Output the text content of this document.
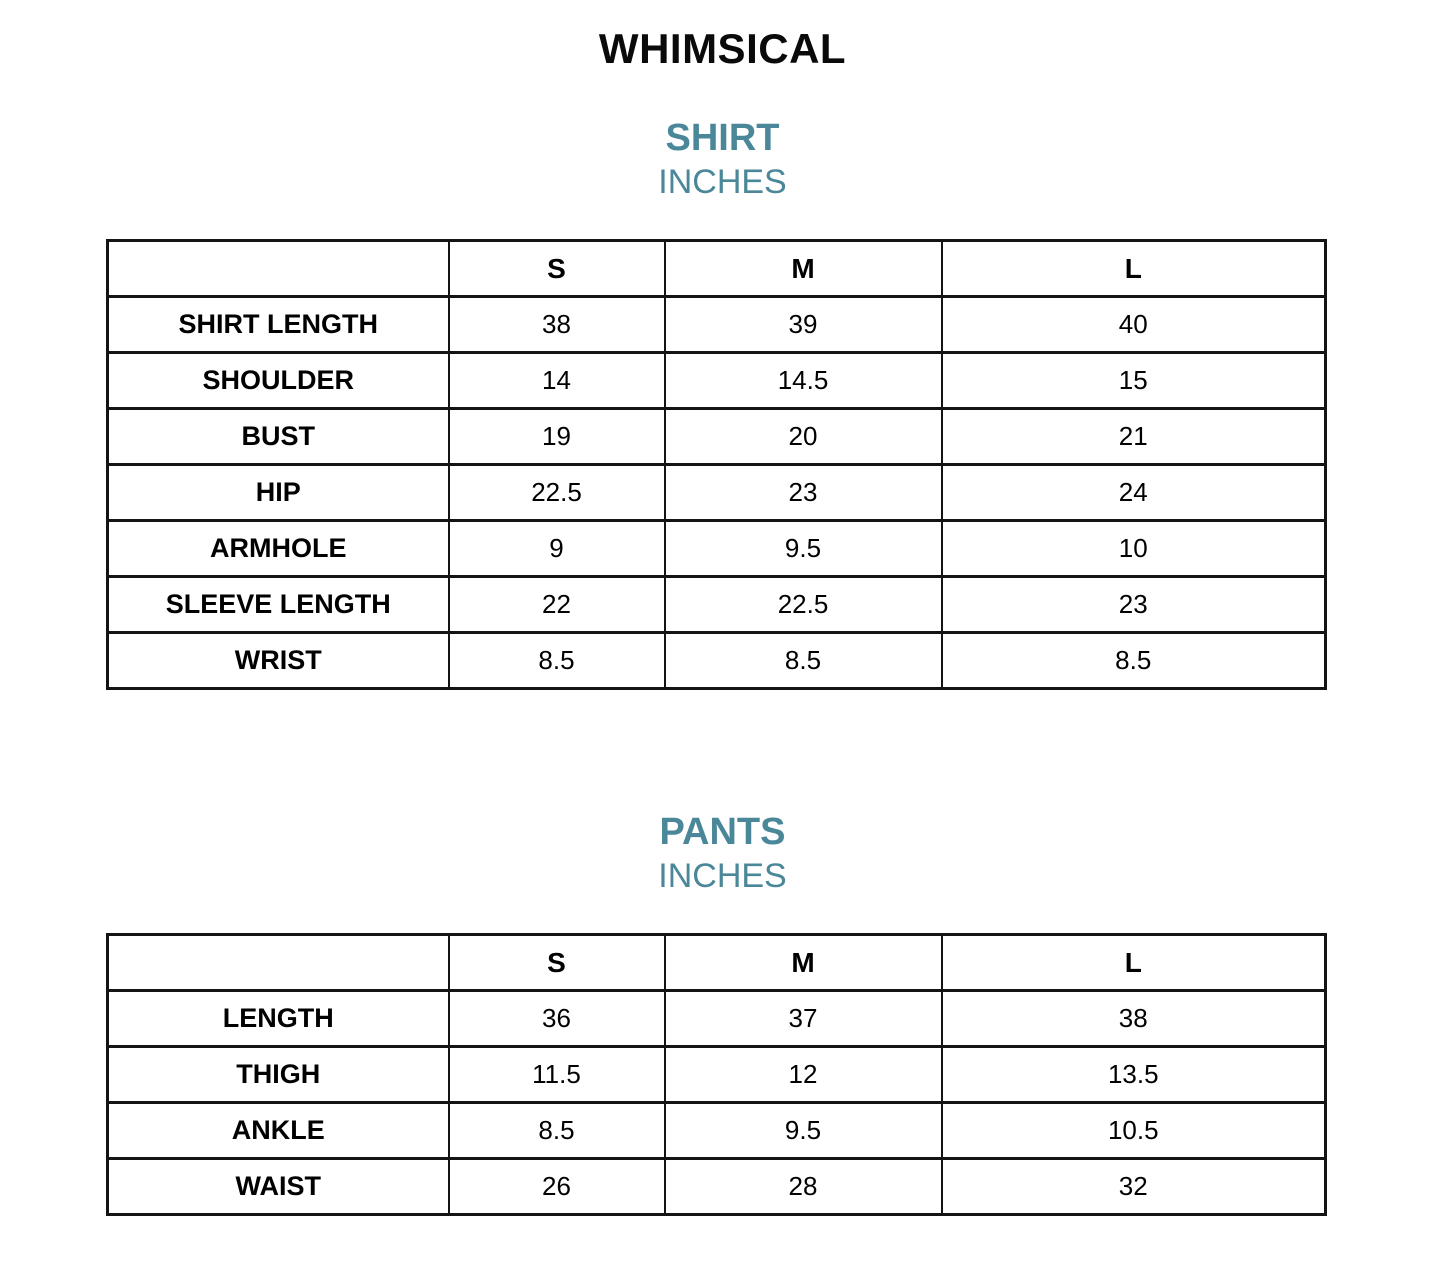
WHIMSICAL
SHIRT
INCHES
	S	M	L
SHIRT LENGTH	38	39	40
SHOULDER	14	14.5	15
BUST	19	20	21
HIP	22.5	23	24
ARMHOLE	9	9.5	10
SLEEVE LENGTH	22	22.5	23
WRIST	8.5	8.5	8.5
PANTS
INCHES
	S	M	L
LENGTH	36	37	38
THIGH	11.5	12	13.5
ANKLE	8.5	9.5	10.5
WAIST	26	28	32
